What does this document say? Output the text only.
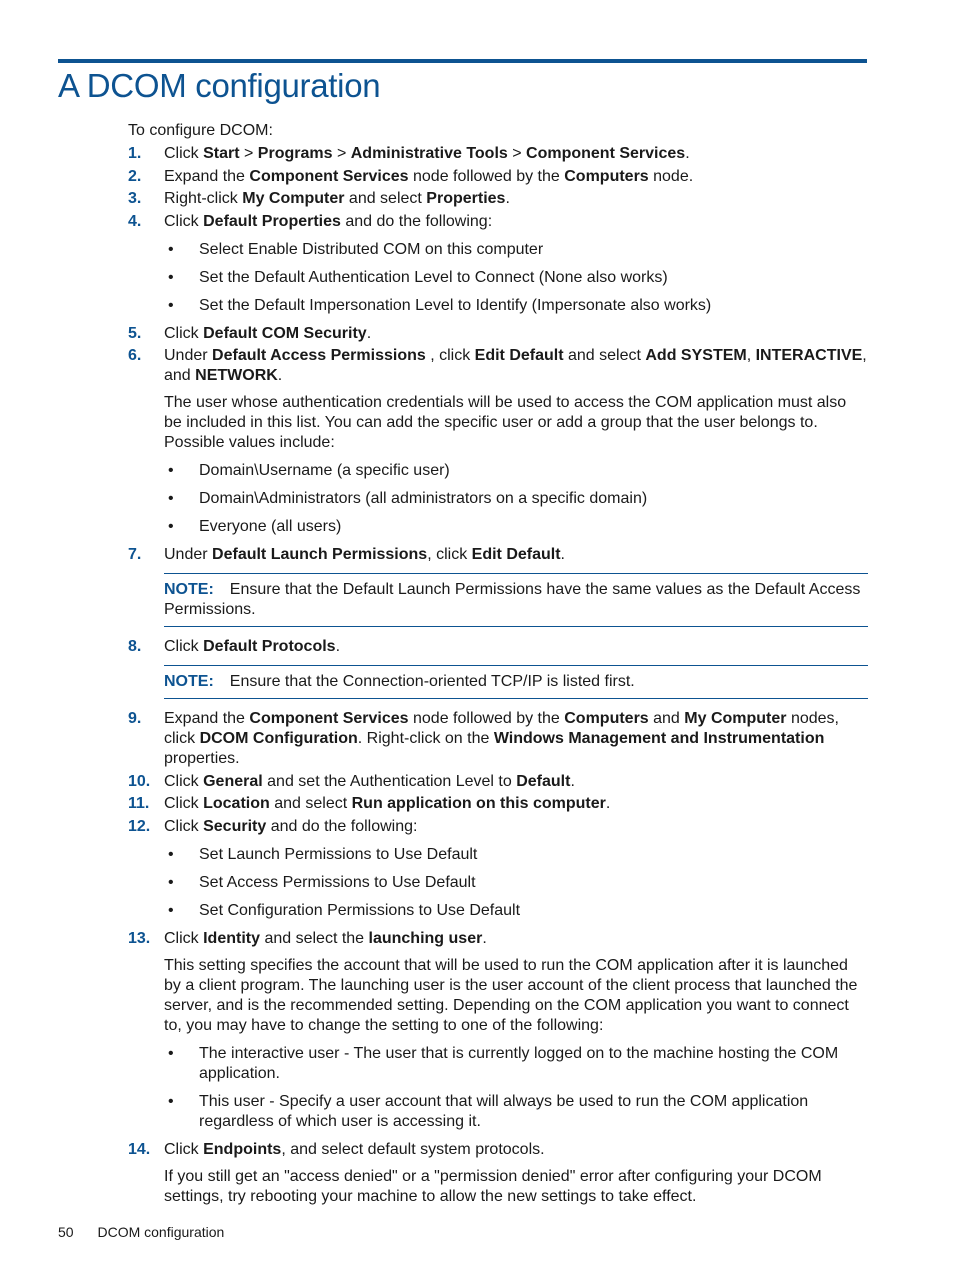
A DCOM configuration

To configure DCOM:

1. Click Start > Programs > Administrative Tools > Component Services.
2. Expand the Component Services node followed by the Computers node.
3. Right-click My Computer and select Properties.
4. Click Default Properties and do the following:
• Select Enable Distributed COM on this computer
• Set the Default Authentication Level to Connect (None also works)
• Set the Default Impersonation Level to Identify (Impersonate also works)
5. Click Default COM Security.
6. Under Default Access Permissions , click Edit Default and select Add SYSTEM, INTERACTIVE, and NETWORK.

The user whose authentication credentials will be used to access the COM application must also be included in this list. You can add the specific user or add a group that the user belongs to. Possible values include:

• Domain\Username (a specific user)
• Domain\Administrators (all administrators on a specific domain)
• Everyone (all users)
7. Under Default Launch Permissions, click Edit Default.
NOTE: Ensure that the Default Launch Permissions have the same values as the Default Access Permissions.
8. Click Default Protocols.
NOTE: Ensure that the Connection-oriented TCP/IP is listed first.
9. Expand the Component Services node followed by the Computers and My Computer nodes, click DCOM Configuration. Right-click on the Windows Management and Instrumentation properties.
10. Click General and set the Authentication Level to Default.
11. Click Location and select Run application on this computer.
12. Click Security and do the following:
• Set Launch Permissions to Use Default
• Set Access Permissions to Use Default
• Set Configuration Permissions to Use Default
13. Click Identity and select the launching user.

This setting specifies the account that will be used to run the COM application after it is launched by a client program. The launching user is the user account of the client process that launched the server, and is the recommended setting. Depending on the COM application you want to connect to, you may have to change the setting to one of the following:

• The interactive user - The user that is currently logged on to the machine hosting the COM application.
• This user - Specify a user account that will always be used to run the COM application regardless of which user is accessing it.
14. Click Endpoints, and select default system protocols.

If you still get an "access denied" or a "permission denied" error after configuring your DCOM settings, try rebooting your machine to allow the new settings to take effect.

50 DCOM configuration
